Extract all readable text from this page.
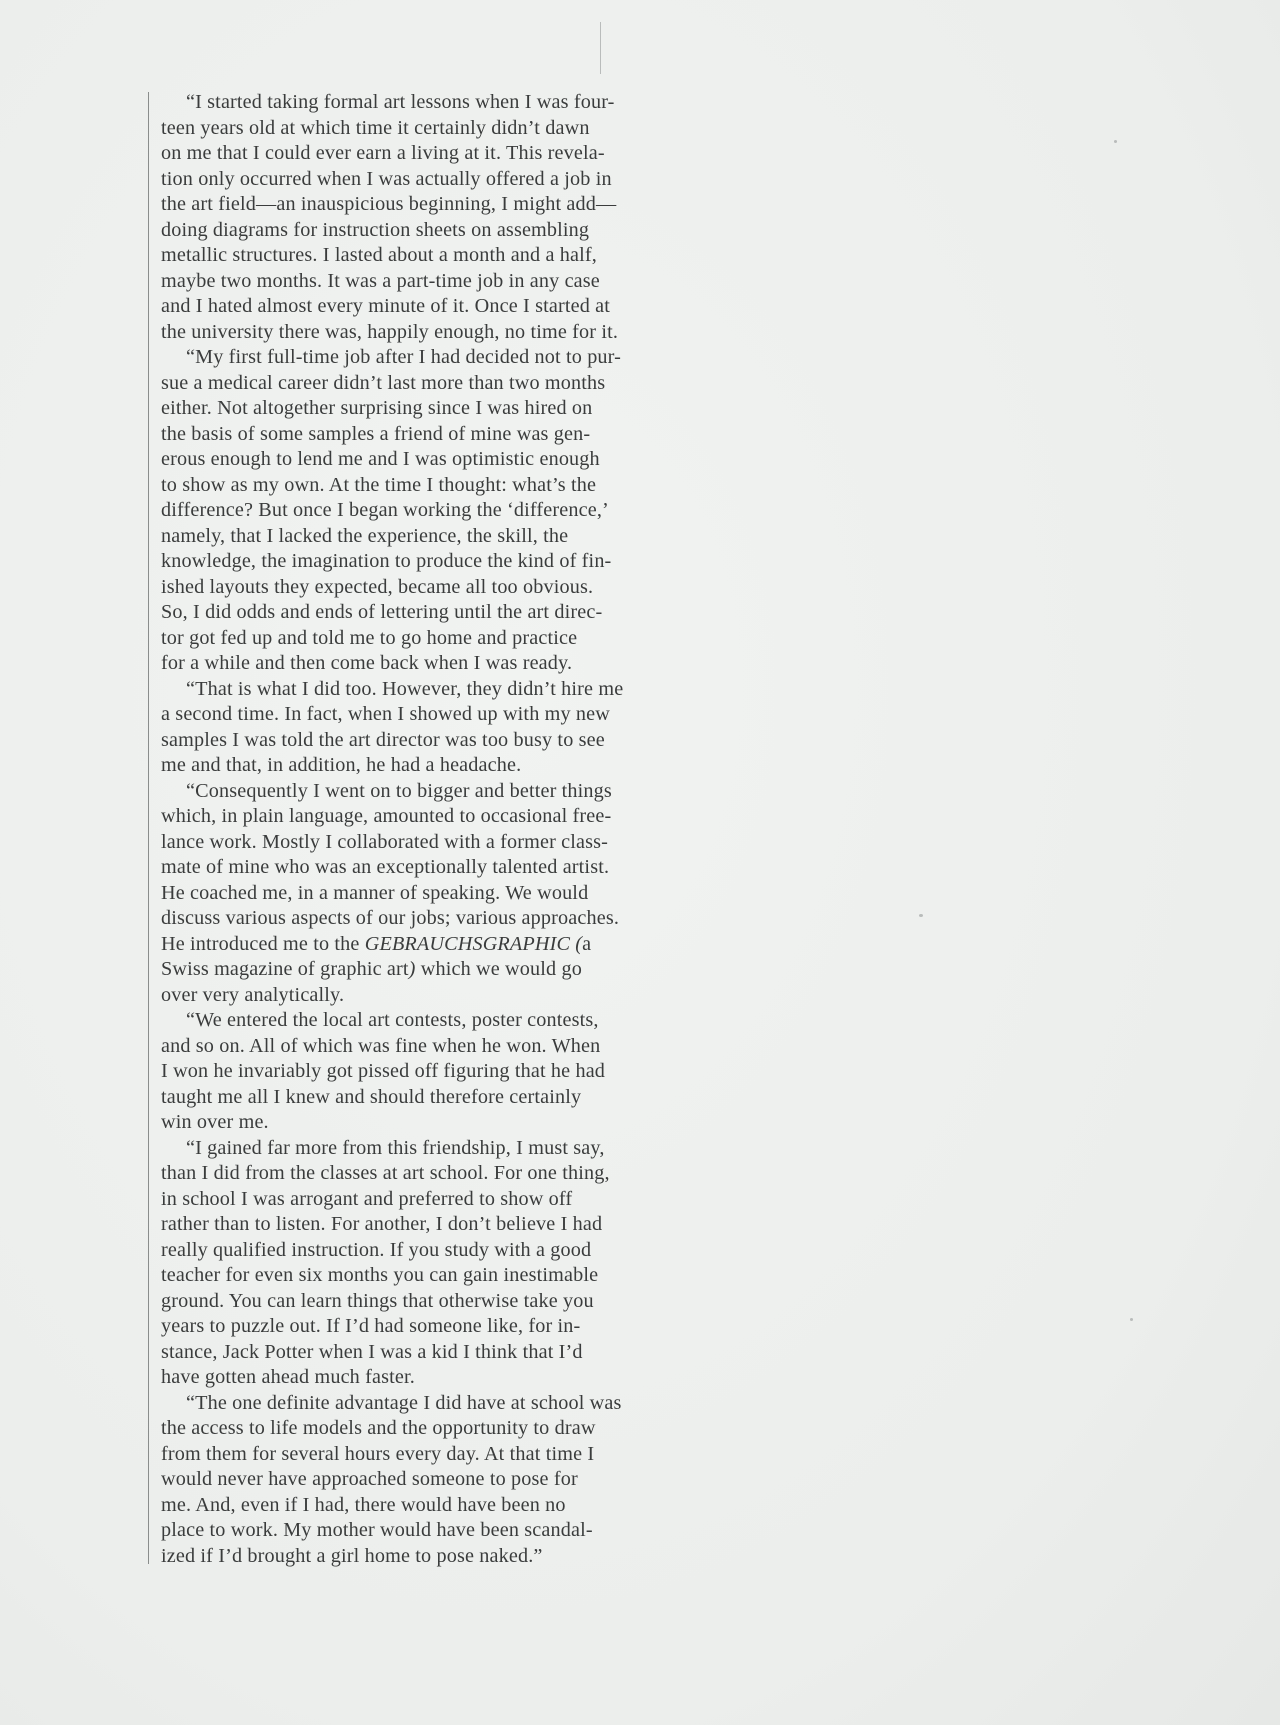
“I started taking formal art lessons when I was four-
teen years old at which time it certainly didn’t dawn
on me that I could ever earn a living at it. This revela-
tion only occurred when I was actually offered a job in
the art field—an inauspicious beginning, I might add—
doing diagrams for instruction sheets on assembling
metallic structures. I lasted about a month and a half,
maybe two months. It was a part-time job in any case
and I hated almost every minute of it. Once I started at
the university there was, happily enough, no time for it.
“My first full-time job after I had decided not to pur-
sue a medical career didn’t last more than two months
either. Not altogether surprising since I was hired on
the basis of some samples a friend of mine was gen-
erous enough to lend me and I was optimistic enough
to show as my own. At the time I thought: what’s the
difference? But once I began working the ‘difference,’
namely, that I lacked the experience, the skill, the
knowledge, the imagination to produce the kind of fin-
ished layouts they expected, became all too obvious.
So, I did odds and ends of lettering until the art direc-
tor got fed up and told me to go home and practice
for a while and then come back when I was ready.
“That is what I did too. However, they didn’t hire me
a second time. In fact, when I showed up with my new
samples I was told the art director was too busy to see
me and that, in addition, he had a headache.
“Consequently I went on to bigger and better things
which, in plain language, amounted to occasional free-
lance work. Mostly I collaborated with a former class-
mate of mine who was an exceptionally talented artist.
He coached me, in a manner of speaking. We would
discuss various aspects of our jobs; various approaches.
He introduced me to the GEBRAUCHSGRAPHIC (a
Swiss magazine of graphic art) which we would go
over very analytically.
“We entered the local art contests, poster contests,
and so on. All of which was fine when he won. When
I won he invariably got pissed off figuring that he had
taught me all I knew and should therefore certainly
win over me.
“I gained far more from this friendship, I must say,
than I did from the classes at art school. For one thing,
in school I was arrogant and preferred to show off
rather than to listen. For another, I don’t believe I had
really qualified instruction. If you study with a good
teacher for even six months you can gain inestimable
ground. You can learn things that otherwise take you
years to puzzle out. If I’d had someone like, for in-
stance, Jack Potter when I was a kid I think that I’d
have gotten ahead much faster.
“The one definite advantage I did have at school was
the access to life models and the opportunity to draw
from them for several hours every day. At that time I
would never have approached someone to pose for
me. And, even if I had, there would have been no
place to work. My mother would have been scandal-
ized if I’d brought a girl home to pose naked.”
